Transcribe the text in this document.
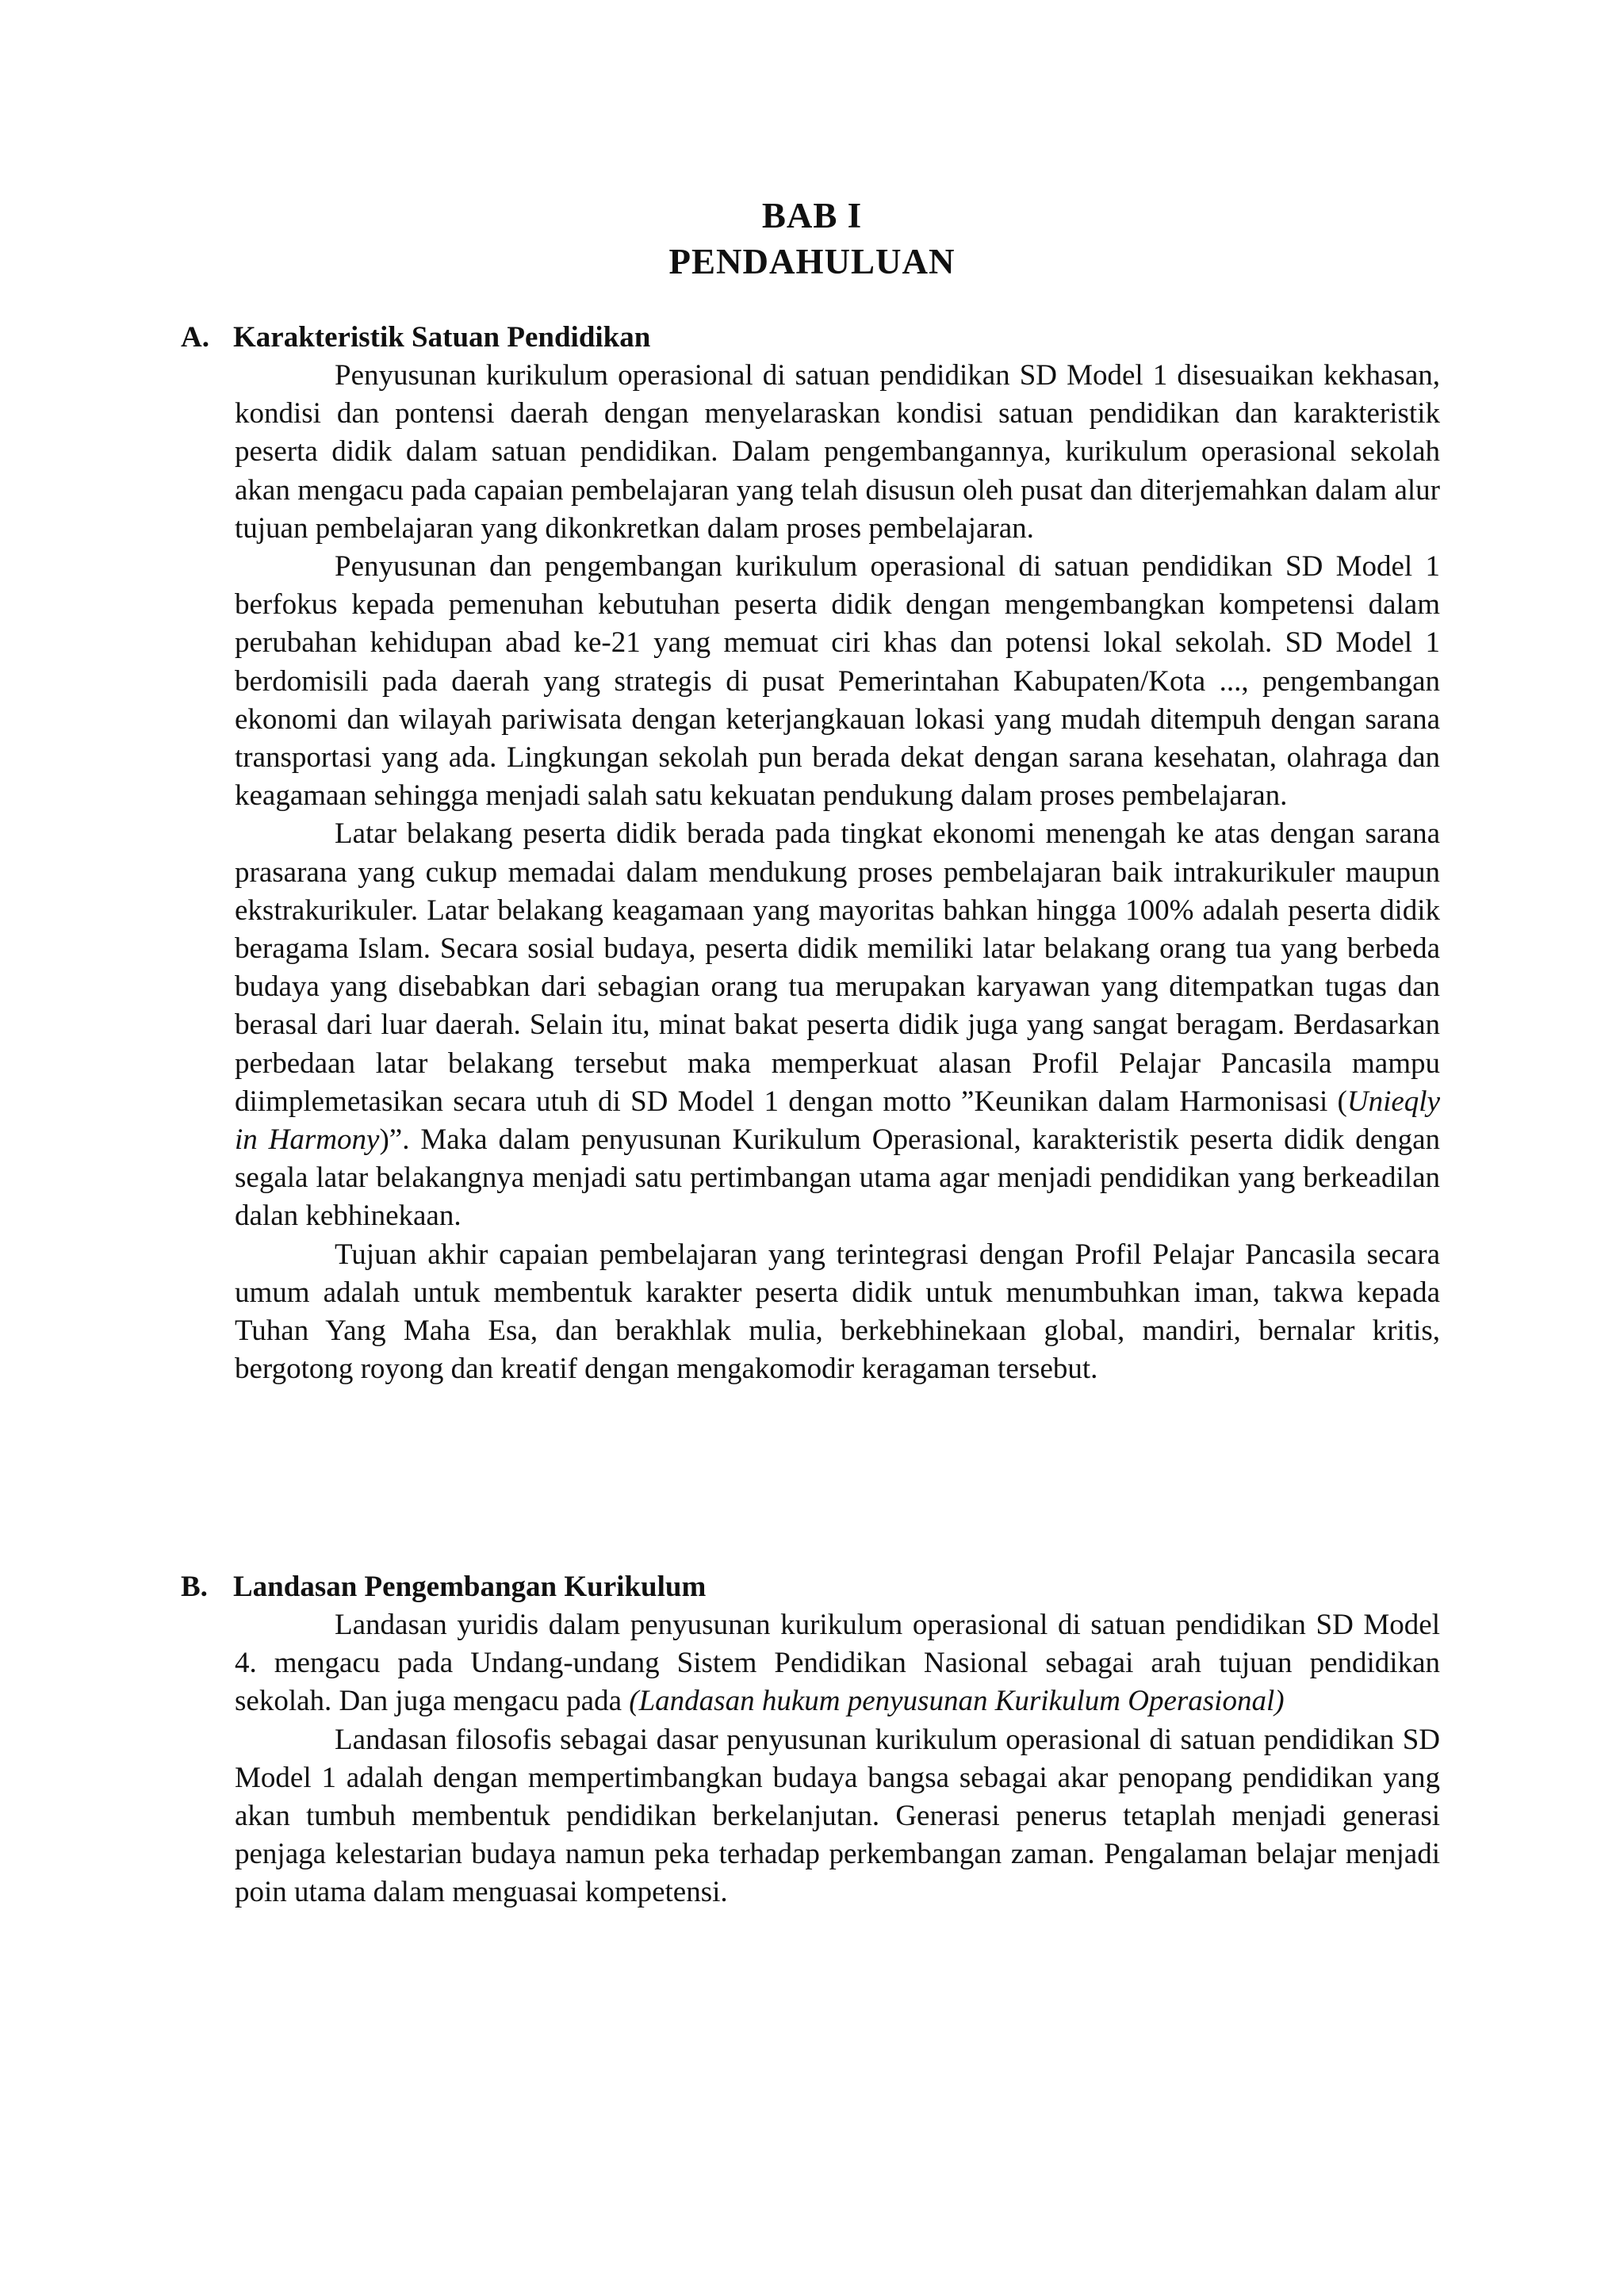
BAB I
PENDAHULUAN
A. Karakteristik Satuan Pendidikan

Penyusunan kurikulum operasional di satuan pendidikan SD Model 1 disesuaikan kekhasan, kondisi dan pontensi daerah dengan menyelaraskan kondisi satuan pendidikan dan karakteristik peserta didik dalam satuan pendidikan. Dalam pengembangannya, kurikulum operasional sekolah akan mengacu pada capaian pembelajaran yang telah disusun oleh pusat dan diterjemahkan dalam alur tujuan pembelajaran yang dikonkretkan dalam proses pembelajaran.

Penyusunan dan pengembangan kurikulum operasional di satuan pendidikan SD Model 1 berfokus kepada pemenuhan kebutuhan peserta didik dengan mengembangkan kompetensi dalam perubahan kehidupan abad ke-21 yang memuat ciri khas dan potensi lokal sekolah. SD Model 1 berdomisili pada daerah yang strategis di pusat Pemerintahan Kabupaten/Kota ..., pengembangan ekonomi dan wilayah pariwisata dengan keterjangkauan lokasi yang mudah ditempuh dengan sarana transportasi yang ada. Lingkungan sekolah pun berada dekat dengan sarana kesehatan, olahraga dan keagamaan sehingga menjadi salah satu kekuatan pendukung dalam proses pembelajaran.

Latar belakang peserta didik berada pada tingkat ekonomi menengah ke atas dengan sarana prasarana yang cukup memadai dalam mendukung proses pembelajaran baik intrakurikuler maupun ekstrakurikuler. Latar belakang keagamaan yang mayoritas bahkan hingga 100% adalah peserta didik beragama Islam. Secara sosial budaya, peserta didik memiliki latar belakang orang tua yang berbeda budaya yang disebabkan dari sebagian orang tua merupakan karyawan yang ditempatkan tugas dan berasal dari luar daerah. Selain itu, minat bakat peserta didik juga yang sangat beragam. Berdasarkan perbedaan latar belakang tersebut maka memperkuat alasan Profil Pelajar Pancasila mampu diimplemetasikan secara utuh di SD Model 1 dengan motto ”Keunikan dalam Harmonisasi (Unieqly in Harmony)”. Maka dalam penyusunan Kurikulum Operasional, karakteristik peserta didik dengan segala latar belakangnya menjadi satu pertimbangan utama agar menjadi pendidikan yang berkeadilan dalan kebhinekaan.

Tujuan akhir capaian pembelajaran yang terintegrasi dengan Profil Pelajar Pancasila secara umum adalah untuk membentuk karakter peserta didik untuk menumbuhkan iman, takwa kepada Tuhan Yang Maha Esa, dan berakhlak mulia, berkebhinekaan global, mandiri, bernalar kritis, bergotong royong dan kreatif dengan mengakomodir keragaman tersebut.

B. Landasan Pengembangan Kurikulum

Landasan yuridis dalam penyusunan kurikulum operasional di satuan pendidikan SD Model 4. mengacu pada Undang-undang Sistem Pendidikan Nasional sebagai arah tujuan pendidikan sekolah. Dan juga mengacu pada (Landasan hukum penyusunan Kurikulum Operasional)

Landasan filosofis sebagai dasar penyusunan kurikulum operasional di satuan pendidikan SD Model 1 adalah dengan mempertimbangkan budaya bangsa sebagai akar penopang pendidikan yang akan tumbuh membentuk pendidikan berkelanjutan. Generasi penerus tetaplah menjadi generasi penjaga kelestarian budaya namun peka terhadap perkembangan zaman. Pengalaman belajar menjadi poin utama dalam menguasai kompetensi.
